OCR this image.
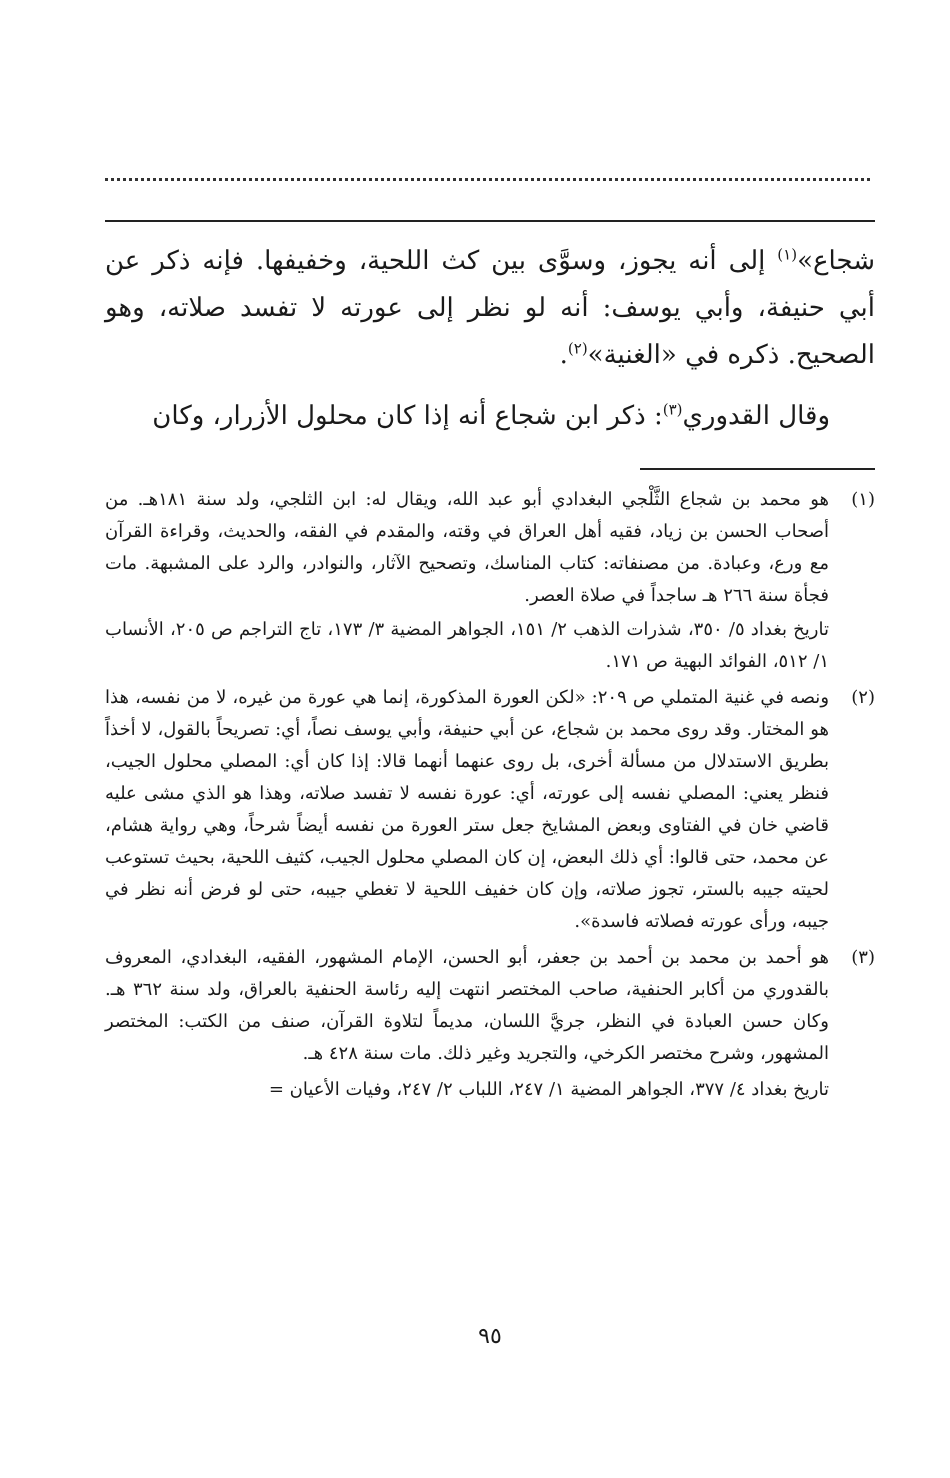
شجاع»$^{(١)}$ إلى أنه يجوز، وسوَّى بين كث اللحية، وخفيفها. فإنه ذكر عن أبي حنيفة، وأبي يوسف: أنه لو نظر إلى عورته لا تفسد صلاته، وهو الصحيح. ذكره في «الغنية»$^{(٢)}$.

وقال القدوري$^{(٣)}$: ذكر ابن شجاع أنه إذا كان محلول الأزرار، وكان

(١)

هو محمد بن شجاع الثَّلْجي البغدادي أبو عبد الله، ويقال له: ابن الثلجي، ولد سنة ١٨١هـ. من أصحاب الحسن بن زياد، فقيه أهل العراق في وقته، والمقدم في الفقه، والحديث، وقراءة القرآن مع ورع، وعبادة. من مصنفاته: كتاب المناسك، وتصحيح الآثار، والنوادر، والرد على المشبهة. مات فجأة سنة ٢٦٦ هـ ساجداً في صلاة العصر.

تاريخ بغداد ٥/ ٣٥٠، شذرات الذهب ٢/ ١٥١، الجواهر المضية ٣/ ١٧٣، تاج التراجم ص ٢٠٥، الأنساب ١/ ٥١٢، الفوائد البهية ص ١٧١.

(٢)

ونصه في غنية المتملي ص ٢٠٩: «لكن العورة المذكورة، إنما هي عورة من غيره، لا من نفسه، هذا هو المختار. وقد روى محمد بن شجاع، عن أبي حنيفة، وأبي يوسف نصاً، أي: تصريحاً بالقول، لا أخذاً بطريق الاستدلال من مسألة أخرى، بل روى عنهما أنهما قالا: إذا كان أي: المصلي محلول الجيب، فنظر يعني: المصلي نفسه إلى عورته، أي: عورة نفسه لا تفسد صلاته، وهذا هو الذي مشى عليه قاضي خان في الفتاوى وبعض المشايخ جعل ستر العورة من نفسه أيضاً شرحاً، وهي رواية هشام، عن محمد، حتى قالوا: أي ذلك البعض، إن كان المصلي محلول الجيب، كثيف اللحية، بحيث تستوعب لحيته جيبه بالستر، تجوز صلاته، وإن كان خفيف اللحية لا تغطي جيبه، حتى لو فرض أنه نظر في جيبه، ورأى عورته فصلاته فاسدة».

(٣)

هو أحمد بن محمد بن أحمد بن جعفر، أبو الحسن، الإمام المشهور، الفقيه، البغدادي، المعروف بالقدوري من أكابر الحنفية، صاحب المختصر انتهت إليه رئاسة الحنفية بالعراق، ولد سنة ٣٦٢ هـ. وكان حسن العبادة في النظر، جريَّ اللسان، مديماً لتلاوة القرآن، صنف من الكتب: المختصر المشهور، وشرح مختصر الكرخي، والتجريد وغير ذلك. مات سنة ٤٢٨ هـ.

تاريخ بغداد ٤/ ٣٧٧، الجواهر المضية ١/ ٢٤٧، اللباب ٢/ ٢٤٧، وفيات الأعيان =
٩٥
